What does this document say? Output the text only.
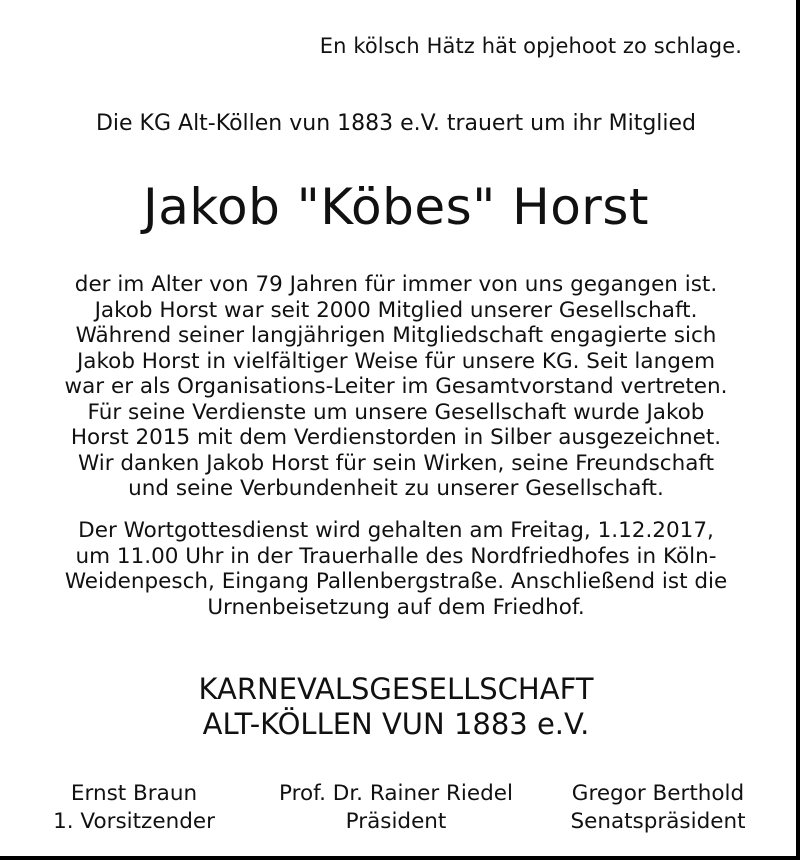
En kölsch Hätz hät opjehoot zo schlage.
Die KG Alt-Köllen vun 1883 e.V. trauert um ihr Mitglied
Jakob "Köbes" Horst
der im Alter von 79 Jahren für immer von uns gegangen ist.
Jakob Horst war seit 2000 Mitglied unserer Gesellschaft.
Während seiner langjährigen Mitgliedschaft engagierte sich
Jakob Horst in vielfältiger Weise für unsere KG. Seit langem
war er als Organisations-Leiter im Gesamtvorstand vertreten.
Für seine Verdienste um unsere Gesellschaft wurde Jakob
Horst 2015 mit dem Verdienstorden in Silber ausgezeichnet.
Wir danken Jakob Horst für sein Wirken, seine Freundschaft
und seine Verbundenheit zu unserer Gesellschaft.
Der Wortgottesdienst wird gehalten am Freitag, 1.12.2017,
um 11.00 Uhr in der Trauerhalle des Nordfriedhofes in Köln-
Weidenpesch, Eingang Pallenbergstraße. Anschließend ist die
Urnenbeisetzung auf dem Friedhof.
KARNEVALSGESELLSCHAFT
ALT-KÖLLEN VUN 1883 e.V.
Ernst Braun
1. Vorsitzender
Prof. Dr. Rainer Riedel
Präsident
Gregor Berthold
Senatspräsident
